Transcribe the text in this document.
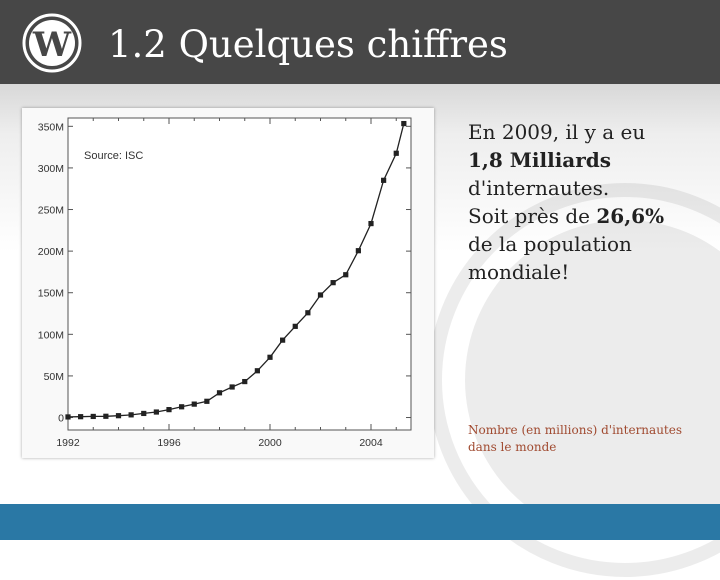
W 1.2 Quelques chiffres
Source: ISC
0
50M
100M
150M
200M
250M
300M
350M
1992	1996	2000	2004

En 2009, il y a eu

1,8 Milliards

d'internautes.

Soit près de 26,6%

de la population mondiale!

Nombre (en millions) d'internautes dans le monde
